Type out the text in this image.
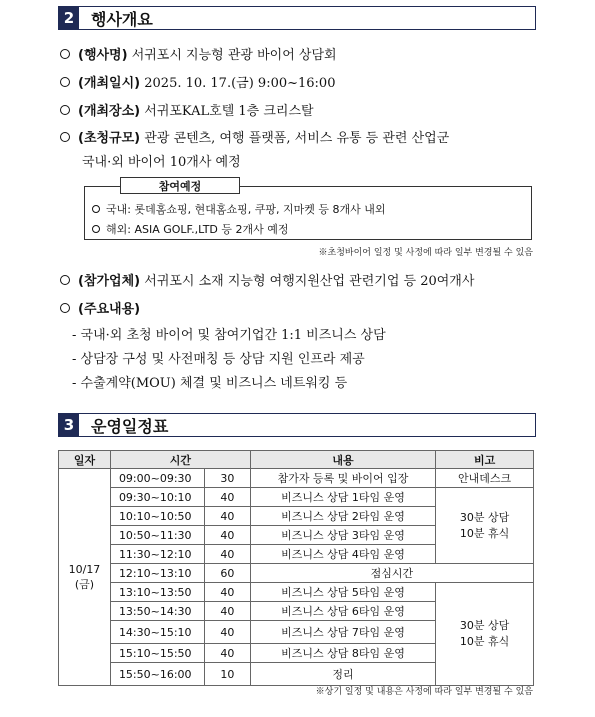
2 행사개요
(행사명) 서귀포시 지능형 관광 바이어 상담회
(개최일시) 2025. 10. 17.(금) 9:00~16:00
(개최장소) 서귀포KAL호텔 1층 크리스탈
(초청규모) 관광 콘텐츠, 여행 플랫폼, 서비스 유통 등 관련 산업군
국내·외 바이어 10개사 예정
참여예정
국내: 롯데홈쇼핑, 현대홈쇼핑, 쿠팡, 지마켓 등 8개사 내외
해외: ASIA GOLF.,LTD 등 2개사 예정
※초청바이어 일정 및 사정에 따라 일부 변경될 수 있음
(참가업체) 서귀포시 소재 지능형 여행지원산업 관련기업 등 20여개사
(주요내용)
- 국내·외 초청 바이어 및 참여기업간 1:1 비즈니스 상담
- 상담장 구성 및 사전매칭 등 상담 지원 인프라 제공
- 수출계약(MOU) 체결 및 비즈니스 네트워킹 등
3 운영일정표
일자	시간		내용	비고
10/17
(금)	09:00~09:30	30	참가자 등록 및 바이어 입장	안내데스크
	09:30~10:10	40	비즈니스 상담 1타임 운영	30분 상담
10분 휴식
	10:10~10:50	40	비즈니스 상담 2타임 운영	
	10:50~11:30	40	비즈니스 상담 3타임 운영	
	11:30~12:10	40	비즈니스 상담 4타임 운영	
	12:10~13:10	60	점심시간	
	13:10~13:50	40	비즈니스 상담 5타임 운영	30분 상담
10분 휴식
	13:50~14:30	40	비즈니스 상담 6타임 운영	
	14:30~15:10	40	비즈니스 상담 7타임 운영	
	15:10~15:50	40	비즈니스 상담 8타임 운영	
	15:50~16:00	10	정리	
※상기 일정 및 내용은 사정에 따라 일부 변경될 수 있음
